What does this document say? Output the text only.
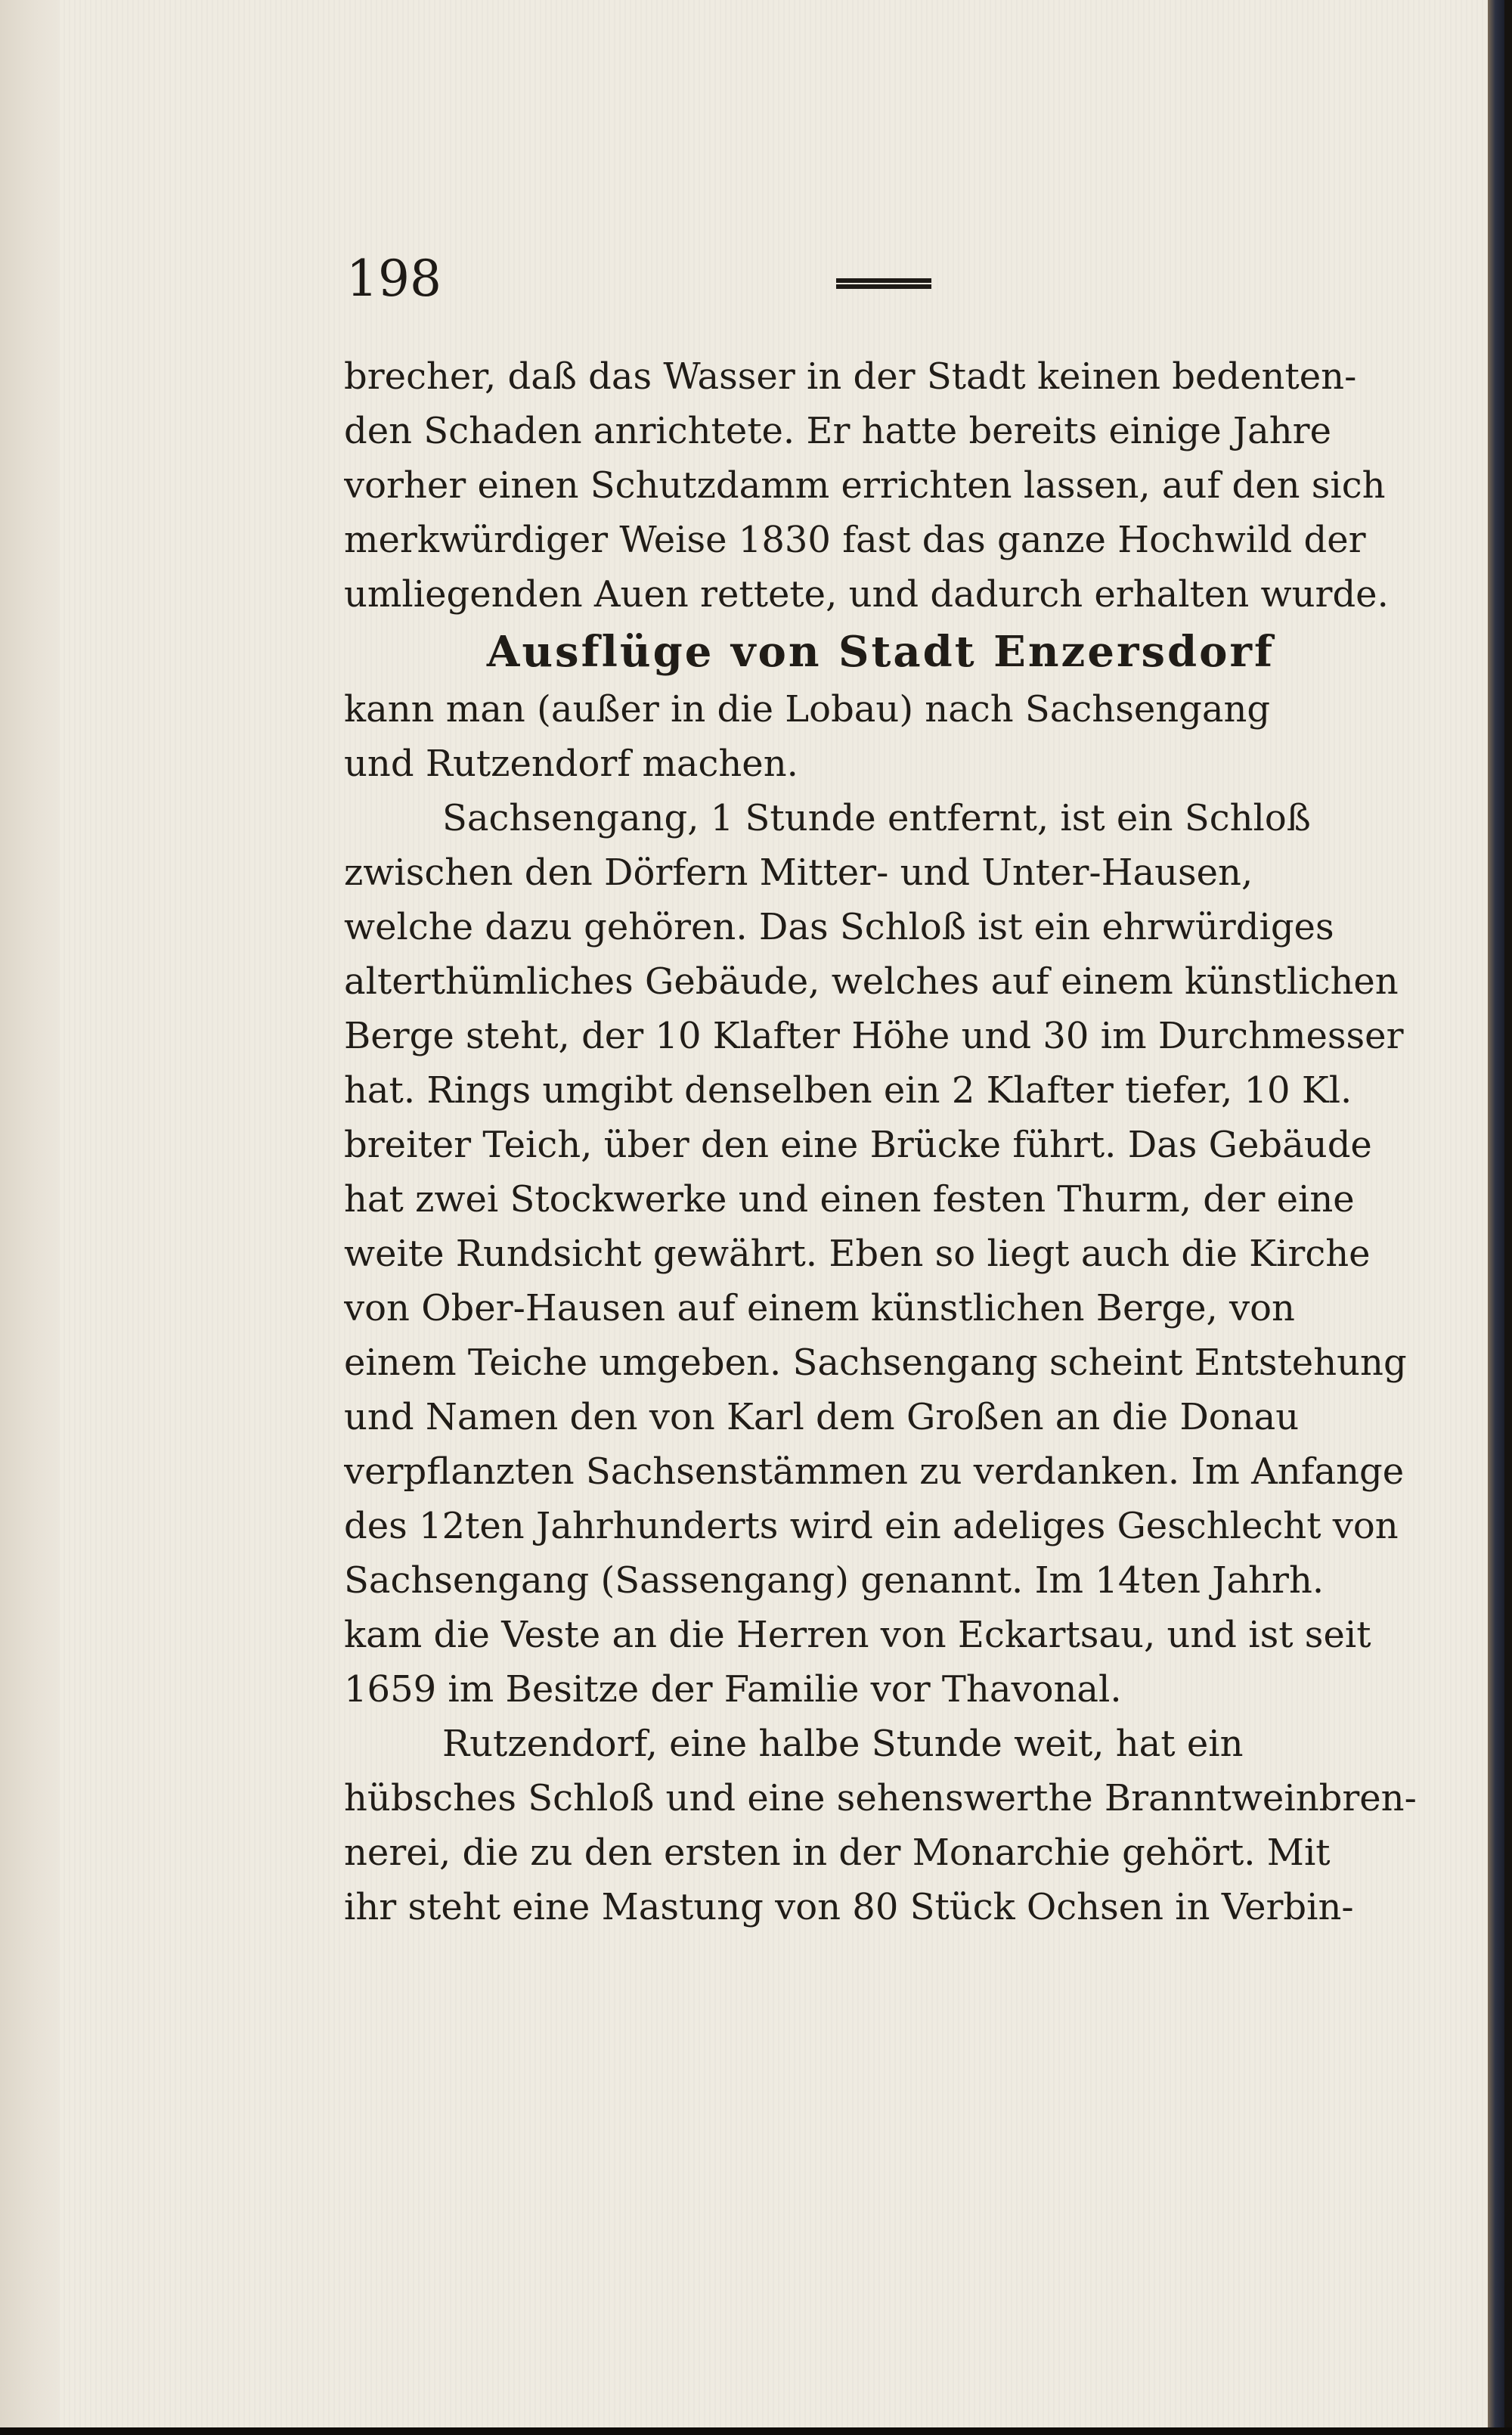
198

brecher, daß das Wasser in der Stadt keinen bedenten-
den Schaden anrichtete. Er hatte bereits einige Jahre
vorher einen Schutzdamm errichten lassen, auf den sich
merkwürdiger Weise 1830 fast das ganze Hochwild der
umliegenden Auen rettete, und dadurch erhalten wurde.

Ausflüge von Stadt Enzersdorf

kann man (außer in die Lobau) nach Sachsengang
und Rutzendorf machen.

Sachsengang, 1 Stunde entfernt, ist ein Schloß
zwischen den Dörfern Mitter- und Unter-Hausen,
welche dazu gehören. Das Schloß ist ein ehrwürdiges
alterthümliches Gebäude, welches auf einem künstlichen
Berge steht, der 10 Klafter Höhe und 30 im Durchmesser
hat. Rings umgibt denselben ein 2 Klafter tiefer, 10 Kl.
breiter Teich, über den eine Brücke führt. Das Gebäude
hat zwei Stockwerke und einen festen Thurm, der eine
weite Rundsicht gewährt. Eben so liegt auch die Kirche
von Ober-Hausen auf einem künstlichen Berge, von
einem Teiche umgeben. Sachsengang scheint Entstehung
und Namen den von Karl dem Großen an die Donau
verpflanzten Sachsenstämmen zu verdanken. Im Anfange
des 12ten Jahrhunderts wird ein adeliges Geschlecht von
Sachsengang (Sassengang) genannt. Im 14ten Jahrh.
kam die Veste an die Herren von Eckartsau, und ist seit
1659 im Besitze der Familie vor Thavonal.

Rutzendorf, eine halbe Stunde weit, hat ein
hübsches Schloß und eine sehenswerthe Branntweinbren-
nerei, die zu den ersten in der Monarchie gehört. Mit
ihr steht eine Mastung von 80 Stück Ochsen in Verbin-
